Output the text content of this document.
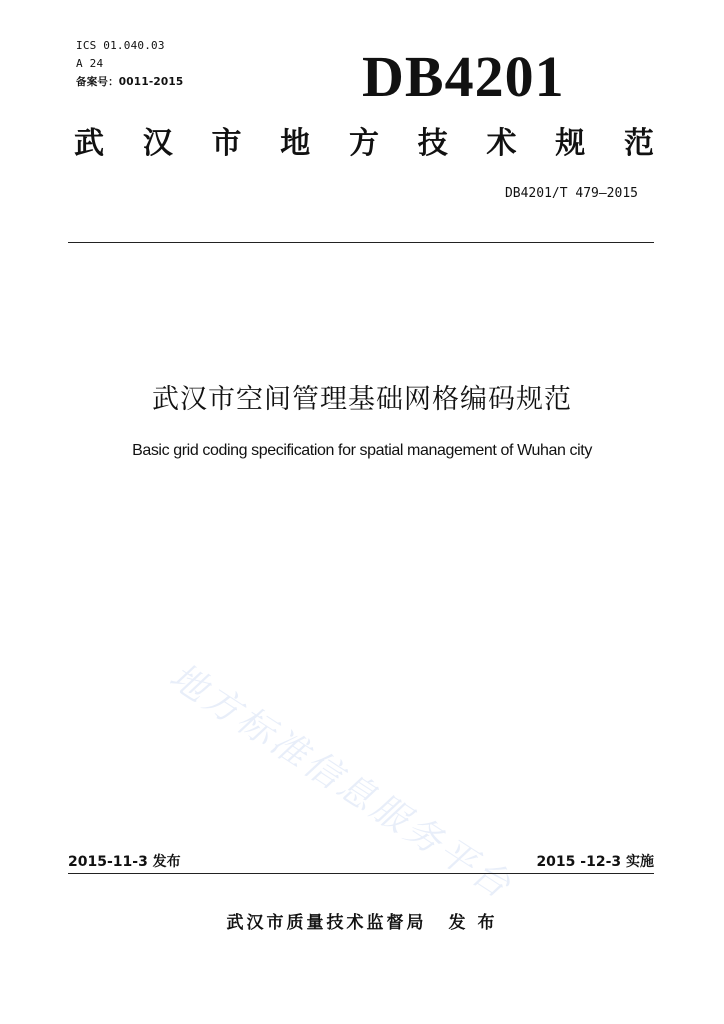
ICS 01.040.03
A 24
备案号：0011-2015	DB4201
武 汉 市 地 方 技 术 规 范
DB4201/T 479—2015
武汉市空间管理基础网格编码规范
Basic grid coding specification for spatial management of Wuhan city
地方标准信息服务平台
2015-11-3 发布	2015 -12-3 实施
武汉市质量技术监督局 发 布
